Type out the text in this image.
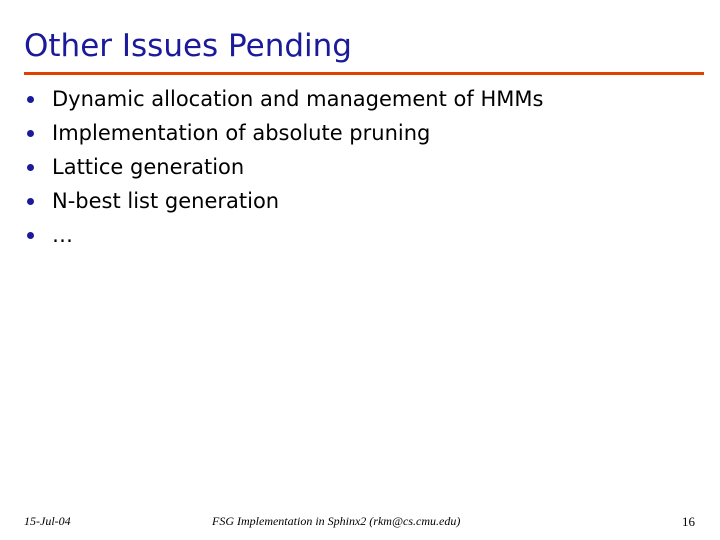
Other Issues Pending
Dynamic allocation and management of HMMs
Implementation of absolute pruning
Lattice generation
N-best list generation
…
15-Jul-04	FSG Implementation in Sphinx2 (rkm@cs.cmu.edu)	16
